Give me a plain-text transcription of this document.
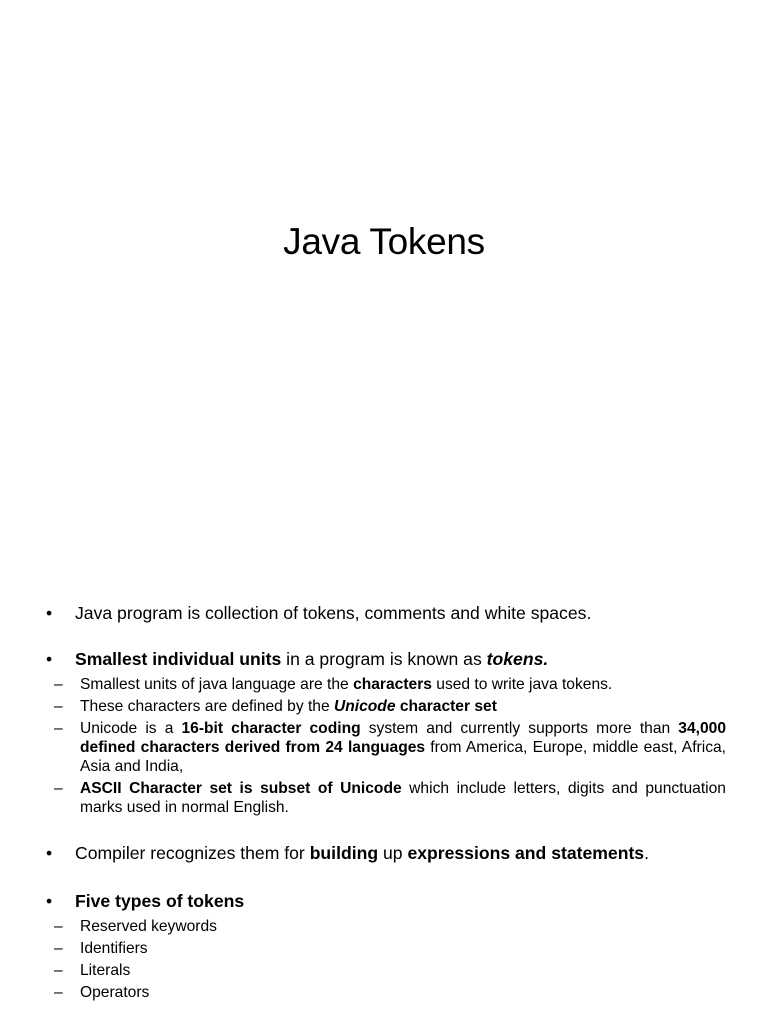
Java Tokens
• Java program is collection of tokens, comments and white spaces.
• Smallest individual units in a program is known as tokens.
– Smallest units of java language are the characters used to write java tokens.
– These characters are defined by the Unicode character set
– Unicode is a 16-bit character coding system and currently supports more than 34,000 defined characters derived from 24 languages from America, Europe, middle east, Africa, Asia and India,
– ASCII Character set is subset of Unicode which include letters, digits and punctuation marks used in normal English.
• Compiler recognizes them for building up expressions and statements.
• Five types of tokens
– Reserved keywords
– Identifiers
– Literals
– Operators
